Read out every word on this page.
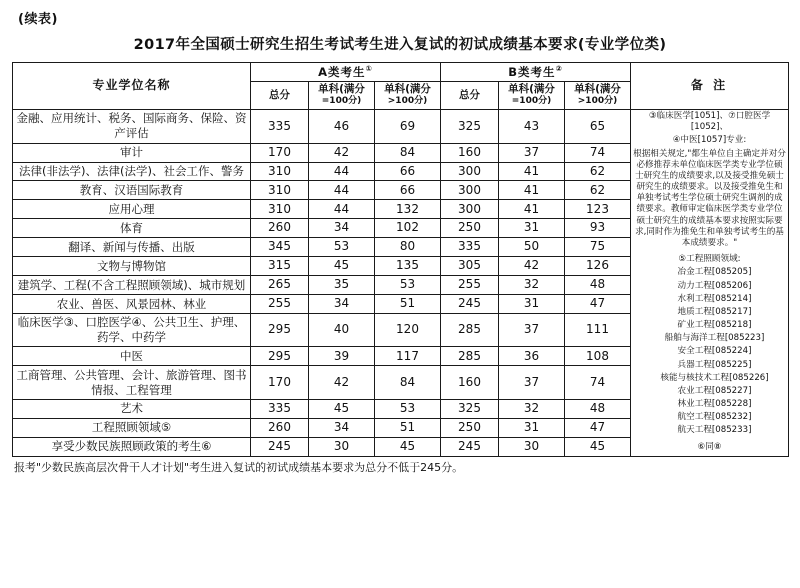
(续表)
2017年全国硕士研究生招生考试考生进入复试的初试成绩基本要求(专业学位类)
专业学位名称	A类考生①			B类考生②			备 注
	总分	单科(满分
=100分)	单科(满分
>100分)	总分	单科(满分
=100分)	单科(满分
>100分)	

金融、应用统计、税务、国际商务、保险、资产评估	335	46	69	325	43	65	

③临床医学[1051]、⑦口腔医学[1052]、

④中医[1057]专业:

根据相关规定,"都生单位自主确定并对分必修推荐未单位临床医学类专业学位硕士研究生的成绩要求,以及接受推免硕士研究生的成绩要求。以及接受推免生和单独考试考生学位硕士研究生调剂的成绩要求。教师审定临床医学类专业学位硕士研究生的成绩基本要求按照实际要求,同时作为推免生和单独考试考生的基本成绩要求。"

⑤工程照顾领域:

冶金工程[085205]

动力工程[085206]

水利工程[085214]

地质工程[085217]

矿业工程[085218]

船舶与海洋工程[085223]

安全工程[085224]

兵器工程[085225]

核能与核技术工程[085226]

农业工程[085227]

林业工程[085228]

航空工程[085232]

航天工程[085233]

⑥同⑧

审计	170	42	84	160	37	74	
法律(非法学)、法律(法学)、社会工作、警务	310	44	66	300	41	62	
教育、汉语国际教育	310	44	66	300	41	62	
应用心理	310	44	132	300	41	123	
体育	260	34	102	250	31	93	
翻译、新闻与传播、出版	345	53	80	335	50	75	
文物与博物馆	315	45	135	305	42	126	
建筑学、工程(不含工程照顾领域)、城市规划	265	35	53	255	32	48	
农业、兽医、风景园林、林业	255	34	51	245	31	47	
临床医学③、口腔医学④、公共卫生、护理、药学、中药学	295	40	120	285	37	111	
中医	295	39	117	285	36	108	
工商管理、公共管理、会计、旅游管理、图书情报、工程管理	170	42	84	160	37	74	
艺术	335	45	53	325	32	48	
工程照顾领域⑤	260	34	51	250	31	47	
享受少数民族照顾政策的考生⑥	245	30	45	245	30	45	
报考"少数民族高层次骨干人才计划"考生进入复试的初试成绩基本要求为总分不低于245分。
